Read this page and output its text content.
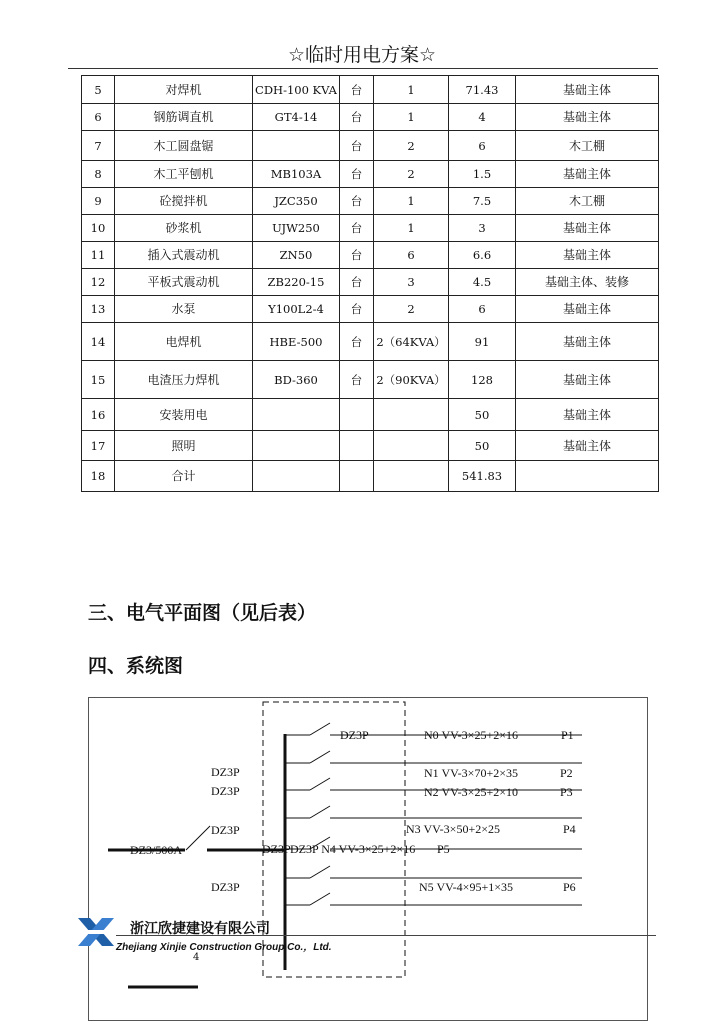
☆临时用电方案☆
5	对焊机	CDH-100 KVA	台	1	71.43	基础主体
6	钢筋调直机	GT4-14	台	1	4	基础主体
7	木工圆盘锯		台	2	6	木工棚
8	木工平刨机	MB103A	台	2	1.5	基础主体
9	砼搅拌机	JZC350	台	1	7.5	木工棚
10	砂浆机	UJW250	台	1	3	基础主体
11	插入式震动机	ZN50	台	6	6.6	基础主体
12	平板式震动机	ZB220-15	台	3	4.5	基础主体、装修
13	水泵	Y100L2-4	台	2	6	基础主体
14	电焊机	HBE-500	台	2（64KVA）	91	基础主体
15	电渣压力焊机	BD-360	台	2（90KVA）	128	基础主体
16	安装用电				50	基础主体
17	照明				50	基础主体
18	合计				541.83	
三、电气平面图（见后表）
四、系统图
DZ3/500A
DZ3P
DZ3P
DZ3P
DZ3P
DZ3P
DZ3P
N0 VV-3×25+2×16	P1
N1 VV-3×70+2×35	P2
N2 VV-3×25+2×10	P3
N3 VV-3×50+2×25	P4
DZ3P N4 VV-3×25+2×16 P5
N5 VV-4×95+1×35	P6
浙江欣捷建设有限公司
Zhejiang Xinjie Construction Group Co.，Ltd.
4
